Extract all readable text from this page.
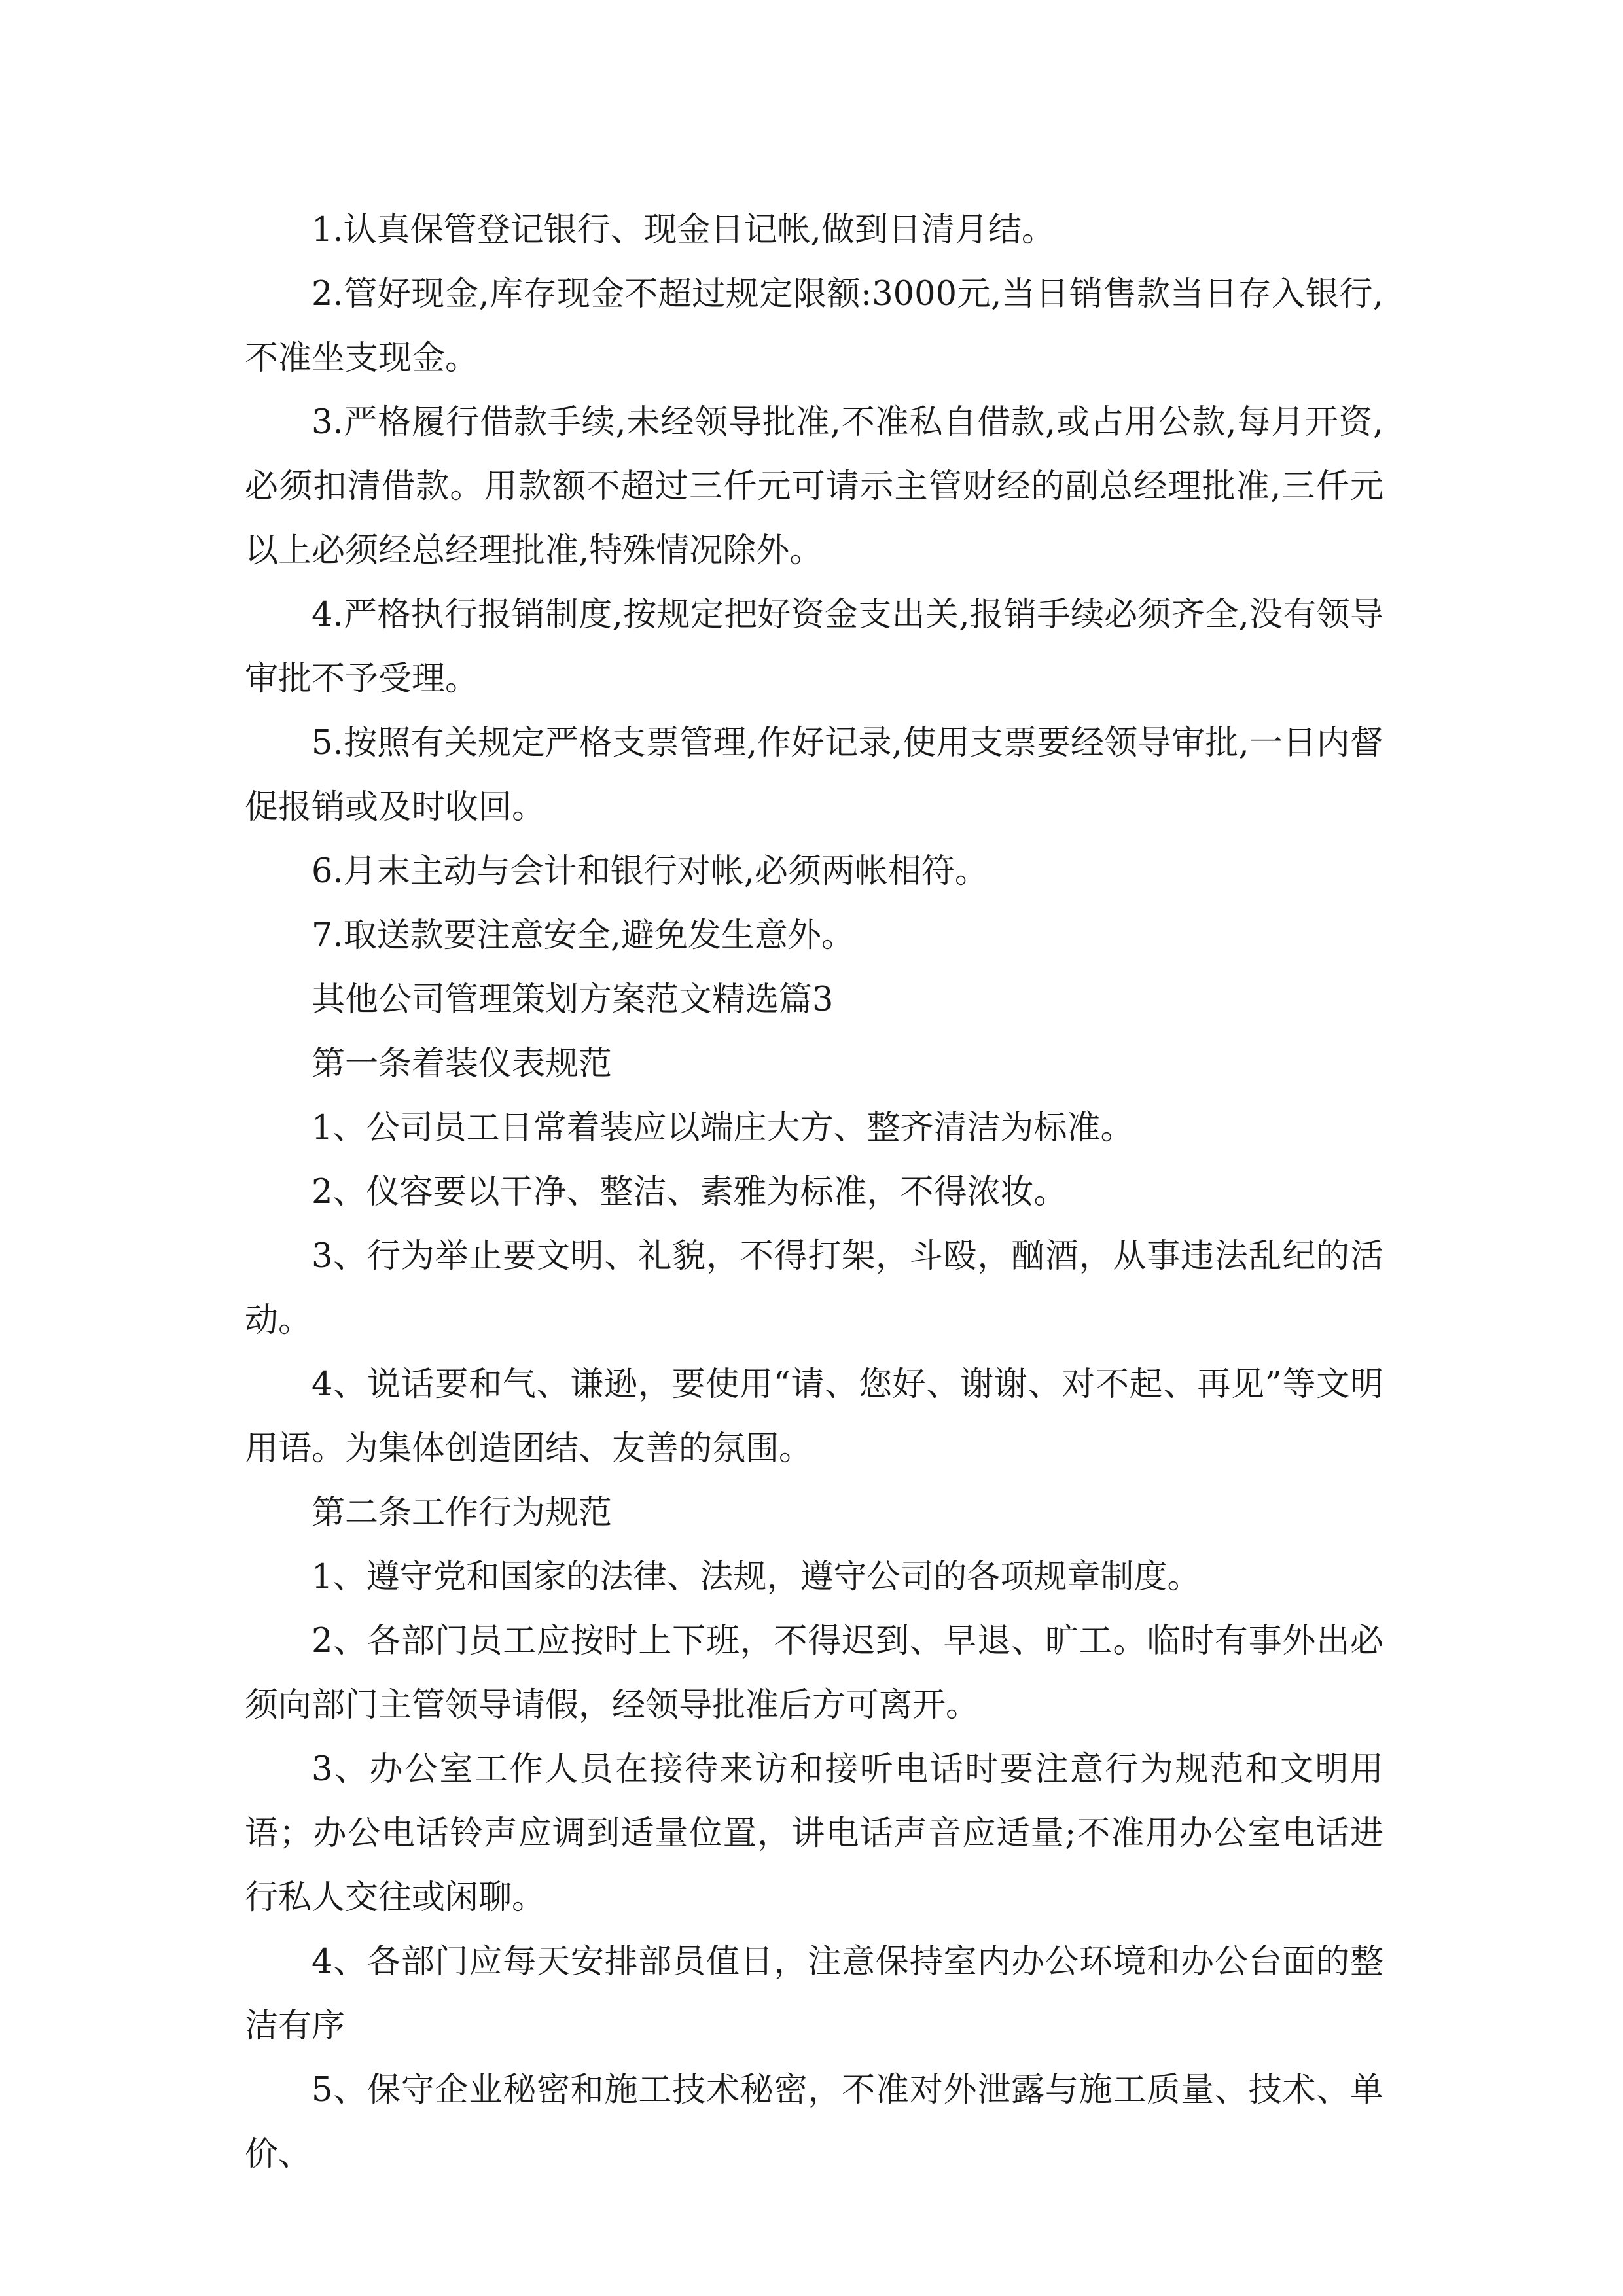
1.认真保管登记银行、现金日记帐,做到日清月结。

2.管好现金,库存现金不超过规定限额:3000元,当日销售款当日存入银行,不准坐支现金。

3.严格履行借款手续,未经领导批准,不准私自借款,或占用公款,每月开资,必须扣清借款。用款额不超过三仟元可请示主管财经的副总经理批准,三仟元以上必须经总经理批准,特殊情况除外。

4.严格执行报销制度,按规定把好资金支出关,报销手续必须齐全,没有领导审批不予受理。

5.按照有关规定严格支票管理,作好记录,使用支票要经领导审批,一日内督促报销或及时收回。

6.月末主动与会计和银行对帐,必须两帐相符。

7.取送款要注意安全,避免发生意外。

其他公司管理策划方案范文精选篇3

第一条着装仪表规范

1、公司员工日常着装应以端庄大方、整齐清洁为标准。

2、仪容要以干净、整洁、素雅为标准，不得浓妆。

3、行为举止要文明、礼貌，不得打架，斗殴，酗酒，从事违法乱纪的活动。

4、说话要和气、谦逊，要使用“请、您好、谢谢、对不起、再见”等文明用语。为集体创造团结、友善的氛围。

第二条工作行为规范

1、遵守党和国家的法律、法规，遵守公司的各项规章制度。

2、各部门员工应按时上下班，不得迟到、早退、旷工。临时有事外出必须向部门主管领导请假，经领导批准后方可离开。

3、办公室工作人员在接待来访和接听电话时要注意行为规范和文明用语；办公电话铃声应调到适量位置，讲电话声音应适量;不准用办公室电话进行私人交往或闲聊。

4、各部门应每天安排部员值日，注意保持室内办公环境和办公台面的整洁有序

5、保守企业秘密和施工技术秘密，不准对外泄露与施工质量、技术、单价、
